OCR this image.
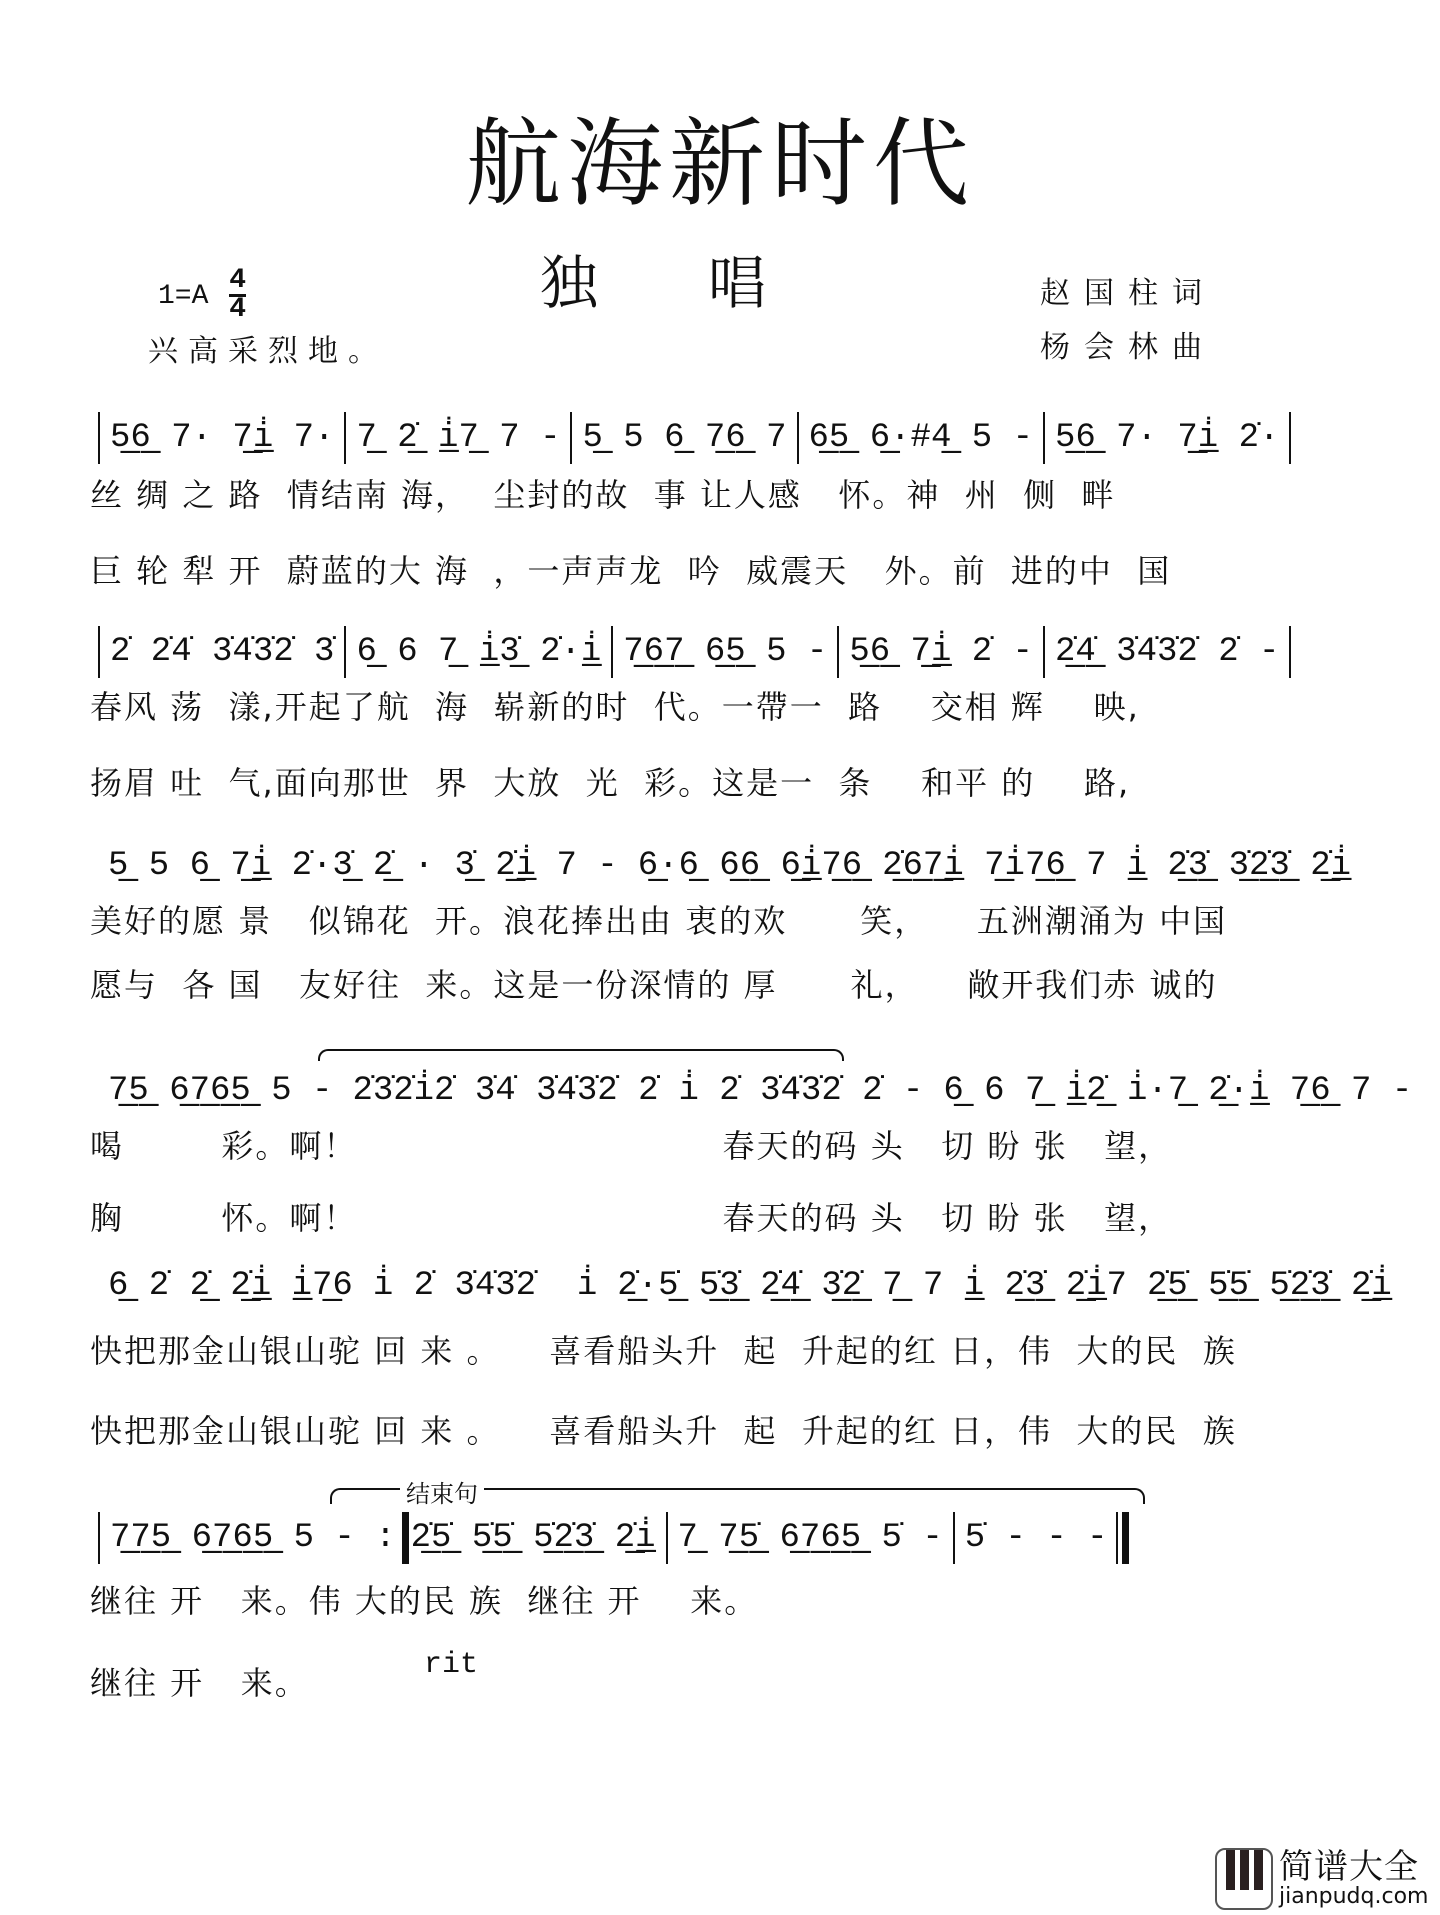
航海新时代
独唱
$1=A \frac{4}{4}$
兴高采烈地。
赵国柱词
杨会林曲
5̲6̲ 7· 7̲i̲̇ 7· 7̲ 2̲̇ i̲̇7̲ 7 - 5̲ 5 6̲ 7̲6̲ 7 6̲5̲ 6̲·#4̲ 5 - 5̲6̲ 7· 7̲i̲̇ 2̇·
丝 绸 之 路  情结南 海，  尘封的故  事 让人感   怀。神  州  侧  畔
巨 轮 犁 开  蔚蓝的大 海  ，一声声龙  吟  威震天   外。前  进的中  国
2̇ 2̇4̇ 3̇4̇3̇2̇ 3̇ 6̲ 6 7̲ i̲̇3̲̇ 2̇·i̲̇ 7̲6̲7̲ 6̲5̲ 5 - 5̲6̲ 7̲i̲̇ 2̇ - 2̲̇4̲̇ 3̇4̇3̇2̇ 2̇ -
春风 荡  漾,开起了航  海  崭新的时  代。一帶一  路    交相 辉    映,
扬眉 吐  气,面向那世  界  大放  光  彩。这是一  条    和平 的    路,
5̲ 5 6̲ 7̲i̲̇ 2̇·3̲̇ 2̲̇ · 3̲̇ 2̲̇i̲̇ 7 - 6̲·6̲ 6̲6̲ 6̲i̲̇7̲6̲ 2̲̇6̲7̲i̲̇ 7̲i̇7̲6̲ 7 i̲̇ 2̲̇3̲̇ 3̲̇2̲̇3̲̇ 2̲̇i̲̇
美好的愿 景   似锦花  开。浪花捧出由 衷的欢      笑，    五洲潮涌为 中国
愿与  各 国   友好往  来。这是一份深情的 厚      礼，    敞开我们赤 诚的
7̲5̲ 6̲7̲6̲5̲ 5 - 2̇3̇2̇i̇2̇ 3̇4̇ 3̇4̇3̇2̇ 2̇ i̇ 2̇ 3̇4̇3̇2̇ 2̇ - 6̲ 6 7̲ i̲̇2̲̇ i̇·7̲ 2̲̇·i̲̇ 7̲6̲ 7 -
喝        彩。啊！                              春天的码 头   切 盼 张   望，
胸        怀。啊！                              春天的码 头   切 盼 张   望，
6̲ 2̇ 2̲̇ 2̲̇i̲̇ i̲̇7̲6 i̇ 2̇ 3̇4̇3̇2̇  i̇ 2̲̇·5̲̇ 5̲̇3̲̇ 2̲̇4̲̇ 3̲̇2̲̇ 7̲ 7 i̲̇ 2̲̇3̲̇ 2̲̇i̲̇7 2̲̇5̲̇ 5̲̇5̲̇ 5̲̇2̲̇3̲̇ 2̲̇i̲̇
快把那金山银山驼 回 来 。    喜看船头升  起  升起的红 日，伟  大的民  族
快把那金山银山驼 回 来 。    喜看船头升  起  升起的红 日，伟  大的民  族
结束句
7̲7̲5̲ 6̲7̲6̲5̲ 5 - : 2̲̇5̲̇ 5̲̇5̲̇ 5̲̇2̲̇3̲̇ 2̲̇i̲̇ 7̲ 7̲5̲̇ 6̲7̲6̲5̲ 5̇ - 5̇ - - -
继往 开   来。伟 大的民 族  继往 开    来。
rit
继往 开   来。
简谱大全
jianpudq.com
